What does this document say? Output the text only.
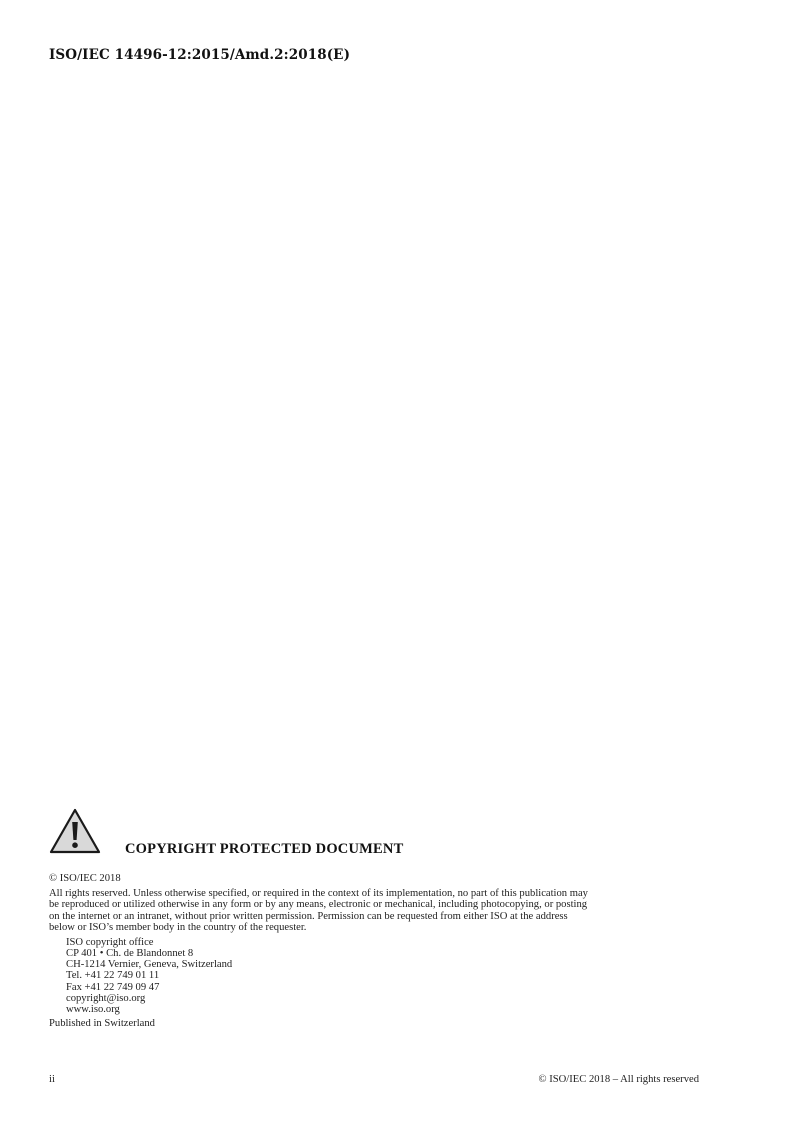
ISO/IEC 14496-12:2015/Amd.2:2018(E)
COPYRIGHT PROTECTED DOCUMENT
© ISO/IEC 2018
All rights reserved. Unless otherwise specified, or required in the context of its implementation, no part of this publication may
be reproduced or utilized otherwise in any form or by any means, electronic or mechanical, including photocopying, or posting
on the internet or an intranet, without prior written permission. Permission can be requested from either ISO at the address
below or ISO’s member body in the country of the requester.
ISO copyright office
CP 401 • Ch. de Blandonnet 8
CH-1214 Vernier, Geneva, Switzerland
Tel. +41 22 749 01 11
Fax +41 22 749 09 47
copyright@iso.org
www.iso.org
Published in Switzerland
ii	© ISO/IEC 2018 – All rights reserved
